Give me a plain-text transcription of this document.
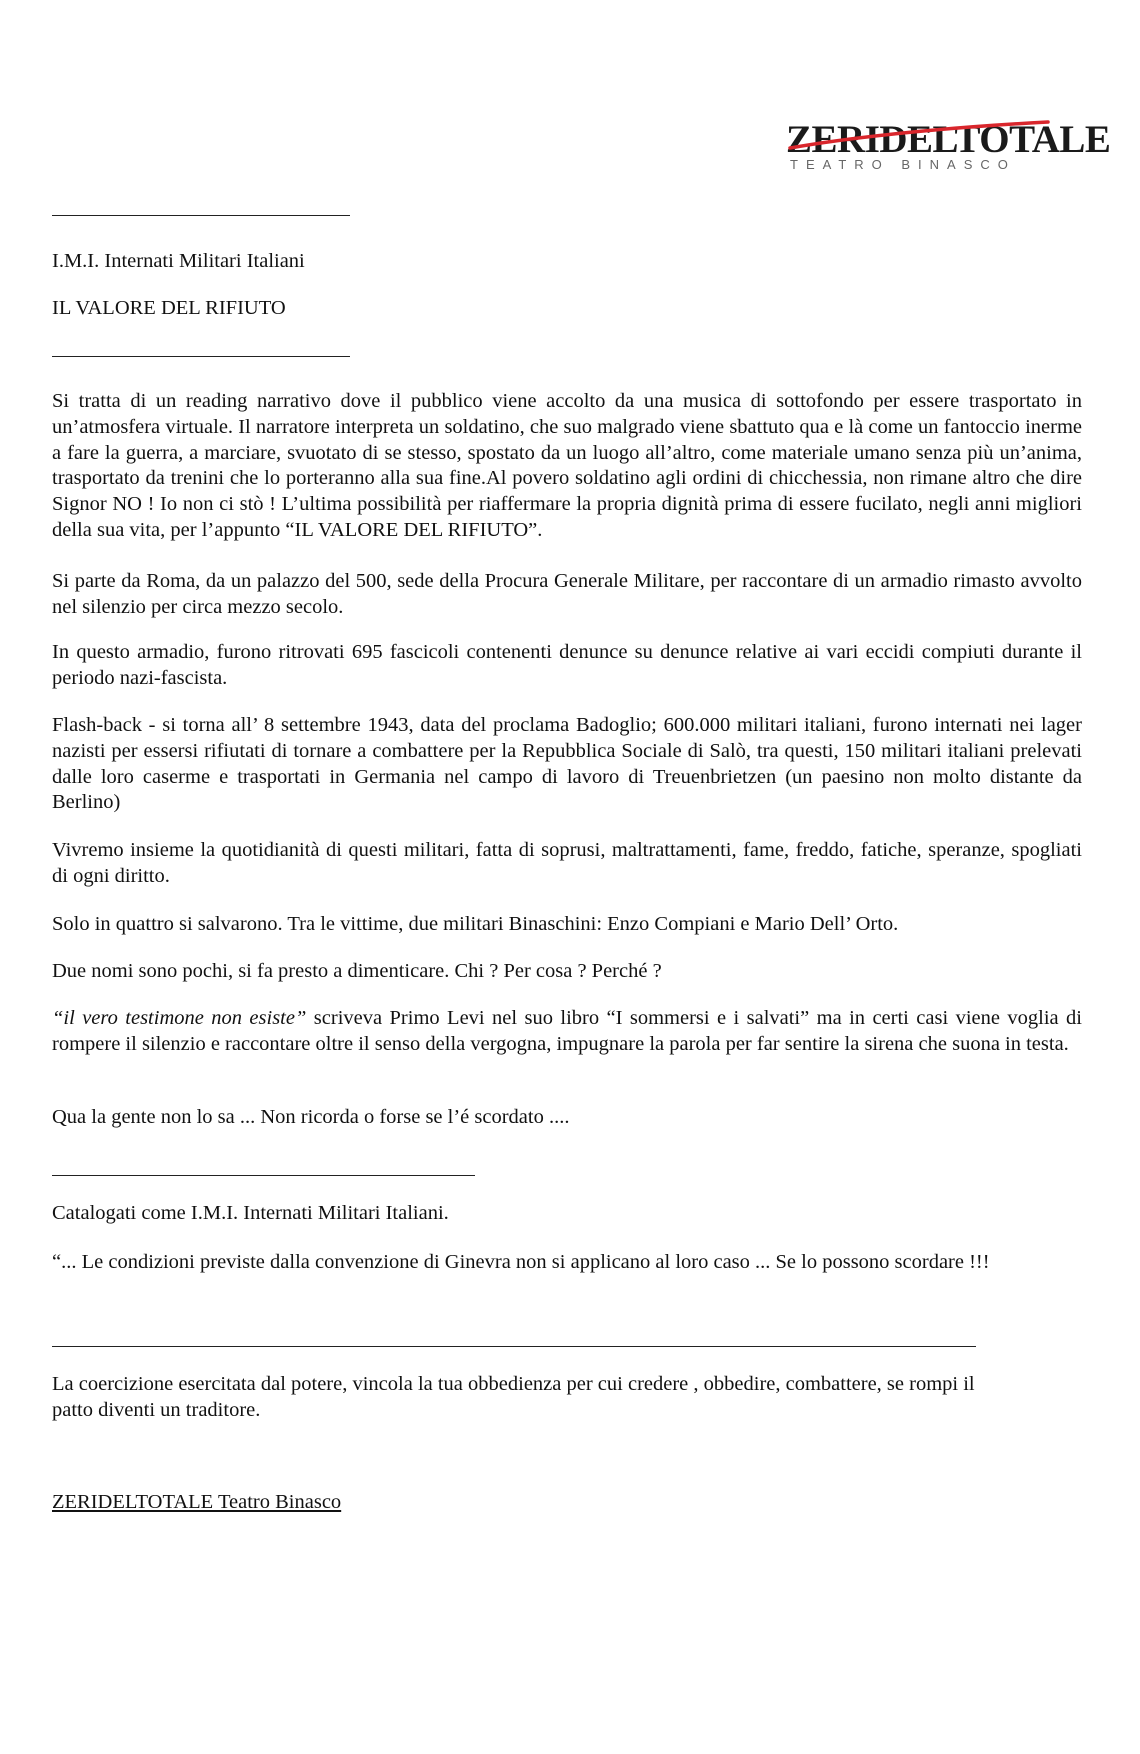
ZERIDELTOTALE
TEATRO BINASCO
I.M.I. Internati Militari Italiani
IL VALORE DEL RIFIUTO

Si tratta di un reading narrativo dove il pubblico viene accolto da una musica di sottofondo per essere trasportato in un’atmosfera virtuale. Il narratore interpreta un soldatino, che suo malgrado viene sbattuto qua e là come un fantoccio inerme a fare la guerra, a marciare, svuotato di se stesso, spostato da un luogo all’altro, come materiale umano senza più un’anima, trasportato da trenini che lo porteranno alla sua fine.Al povero soldatino agli ordini di chicchessia, non rimane altro che dire Signor NO ! Io non ci stò ! L’ultima possibilità per riaffermare la propria dignità prima di essere fucilato, negli anni migliori della sua vita, per l’appunto “IL VALORE DEL RIFIUTO”.

Si parte da Roma, da un palazzo del 500, sede della Procura Generale Militare, per raccontare di un armadio rimasto avvolto nel silenzio per circa mezzo secolo.

In questo armadio, furono ritrovati 695 fascicoli contenenti denunce su denunce relative ai vari eccidi compiuti durante il periodo nazi-fascista.

Flash-back - si torna all’ 8 settembre 1943, data del proclama Badoglio; 600.000 militari italiani, furono internati nei lager nazisti per essersi rifiutati di tornare a combattere per la Repubblica Sociale di Salò, tra questi, 150 militari italiani prelevati dalle loro caserme e trasportati in Germania nel campo di lavoro di Treuenbrietzen (un paesino non molto distante da Berlino)

Vivremo insieme la quotidianità di questi militari, fatta di soprusi, maltrattamenti, fame, freddo, fatiche, speranze, spogliati di ogni diritto.

Solo in quattro si salvarono. Tra le vittime, due militari Binaschini: Enzo Compiani e Mario Dell’ Orto.

Due nomi sono pochi, si fa presto a dimenticare. Chi ? Per cosa ? Perché ?

“il vero testimone non esiste” scriveva Primo Levi nel suo libro “I sommersi e i salvati” ma in certi casi viene voglia di rompere il silenzio e raccontare oltre il senso della vergogna, impugnare la parola per far sentire la sirena che suona in testa.

Qua la gente non lo sa ... Non ricorda o forse se l’é scordato ....

Catalogati come I.M.I. Internati Militari Italiani.

“... Le condizioni previste dalla convenzione di Ginevra non si applicano al loro caso ... Se lo possono scordare !!!

La coercizione esercitata dal potere, vincola la tua obbedienza per cui credere , obbedire, combattere, se rompi il patto diventi un traditore.

ZERIDELTOTALE Teatro Binasco
